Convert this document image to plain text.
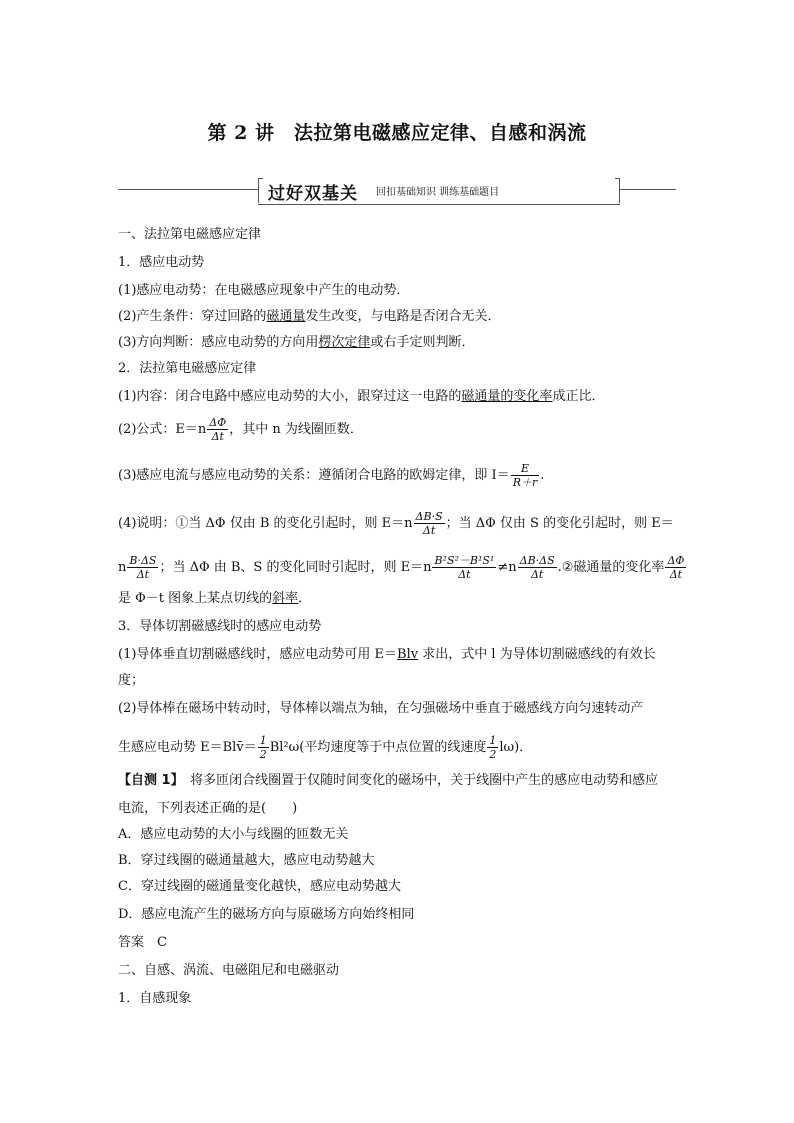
第 2 讲　法拉第电磁感应定律、自感和涡流
过好双基关 回扣基础知识 训练基础题目
一、法拉第电磁感应定律
1．感应电动势
(1)感应电动势：在电磁感应现象中产生的电动势．
(2)产生条件：穿过回路的磁通量发生改变，与电路是否闭合无关．
(3)方向判断：感应电动势的方向用楞次定律或右手定则判断．
2．法拉第电磁感应定律
(1)内容：闭合电路中感应电动势的大小，跟穿过这一电路的磁通量的变化率成正比．
(2)公式：$E=n \frac{\Delta\Phi}{\Delta t}$ ，其中 n 为线圈匝数．
(3)感应电流与感应电动势的关系：遵循闭合电路的欧姆定律，即 $I= \frac{E}{R+r}$ .
(4)说明：①当 ΔΦ 仅由 B 的变化引起时，则 $E=n \frac{\Delta B\cdot S}{\Delta t}$ ；当 ΔΦ 仅由 S 的变化引起时，则 E＝
n $\frac{B\cdot\Delta S}{\Delta t}$ ；当 ΔΦ 由 B、S 的变化同时引起时，则 $E=n \frac{\text{B²S²－B¹S¹}}{\Delta t} \ne n \frac{\Delta B\cdot\Delta S}{\Delta t}$ .②磁通量的变化率 $\frac{\Delta\Phi}{\Delta t}$
是 Φ－t 图象上某点切线的斜率．
3．导体切割磁感线时的感应电动势
(1)导体垂直切割磁感线时，感应电动势可用 E＝Blv 求出，式中 l 为导体切割磁感线的有效长
度；
(2)导体棒在磁场中转动时，导体棒以端点为轴，在匀强磁场中垂直于磁感线方向匀速转动产
生感应电动势 E＝Blv̄＝ $\frac{1}{2} Bl^2\omega$(平均速度等于中点位置的线速度 $\frac{1}{2} l\omega$)．
【自测 1】　将多匝闭合线圈置于仅随时间变化的磁场中，关于线圈中产生的感应电动势和感应
电流，下列表述正确的是(　　)
A．感应电动势的大小与线圈的匝数无关
B．穿过线圈的磁通量越大，感应电动势越大
C．穿过线圈的磁通量变化越快，感应电动势越大
D．感应电流产生的磁场方向与原磁场方向始终相同
答案　C
二、自感、涡流、电磁阻尼和电磁驱动
1．自感现象
